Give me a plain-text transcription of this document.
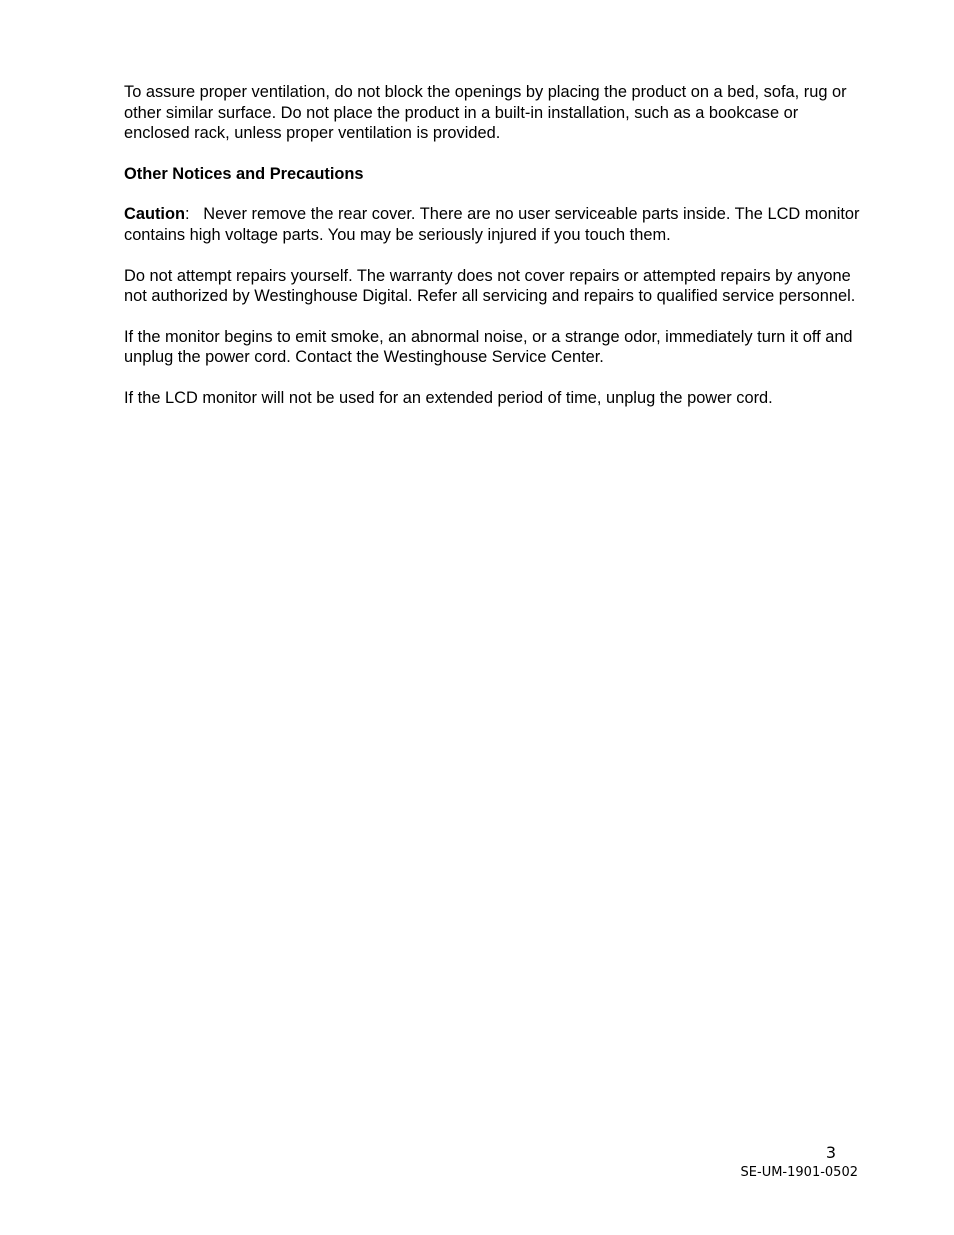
To assure proper ventilation, do not block the openings by placing the product on a bed, sofa, rug or other similar surface. Do not place the product in a built-in installation, such as a bookcase or enclosed rack, unless proper ventilation is provided.

Other Notices and Precautions

Caution:   Never remove the rear cover. There are no user serviceable parts inside. The LCD monitor contains high voltage parts. You may be seriously injured if you touch them.

Do not attempt repairs yourself. The warranty does not cover repairs or attempted repairs by anyone not authorized by Westinghouse Digital. Refer all servicing and repairs to qualified service personnel.

If the monitor begins to emit smoke, an abnormal noise, or a strange odor, immediately turn it off and unplug the power cord. Contact the Westinghouse Service Center.

If the LCD monitor will not be used for an extended period of time, unplug the power cord.

3
SE-UM-1901-0502
